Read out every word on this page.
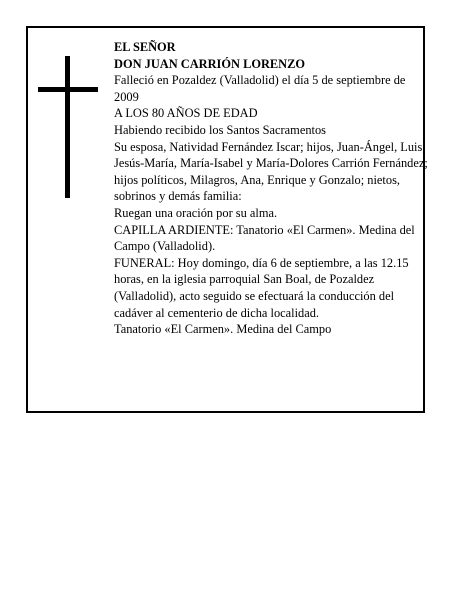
EL SEÑOR

DON JUAN CARRIÓN LORENZO

Falleció en Pozaldez (Valladolid) el día 5 de septiembre de 2009

A LOS 80 AÑOS DE EDAD

Habiendo recibido los Santos Sacramentos

Su esposa, Natividad Fernández Iscar; hijos, Juan-Ángel, Luis, Jesús-María, María-Isabel y María-Dolores Carrión Fernández; hijos políticos, Milagros, Ana, Enrique y Gonzalo; nietos, sobrinos y demás familia:

Ruegan una oración por su alma.

CAPILLA ARDIENTE: Tanatorio «El Carmen». Medina del Campo (Valladolid).

FUNERAL: Hoy domingo, día 6 de septiembre, a las 12.15 horas, en la iglesia parroquial San Boal, de Pozaldez (Valladolid), acto seguido se efectuará la conducción del cadáver al cementerio de dicha localidad.

Tanatorio «El Carmen». Medina del Campo
